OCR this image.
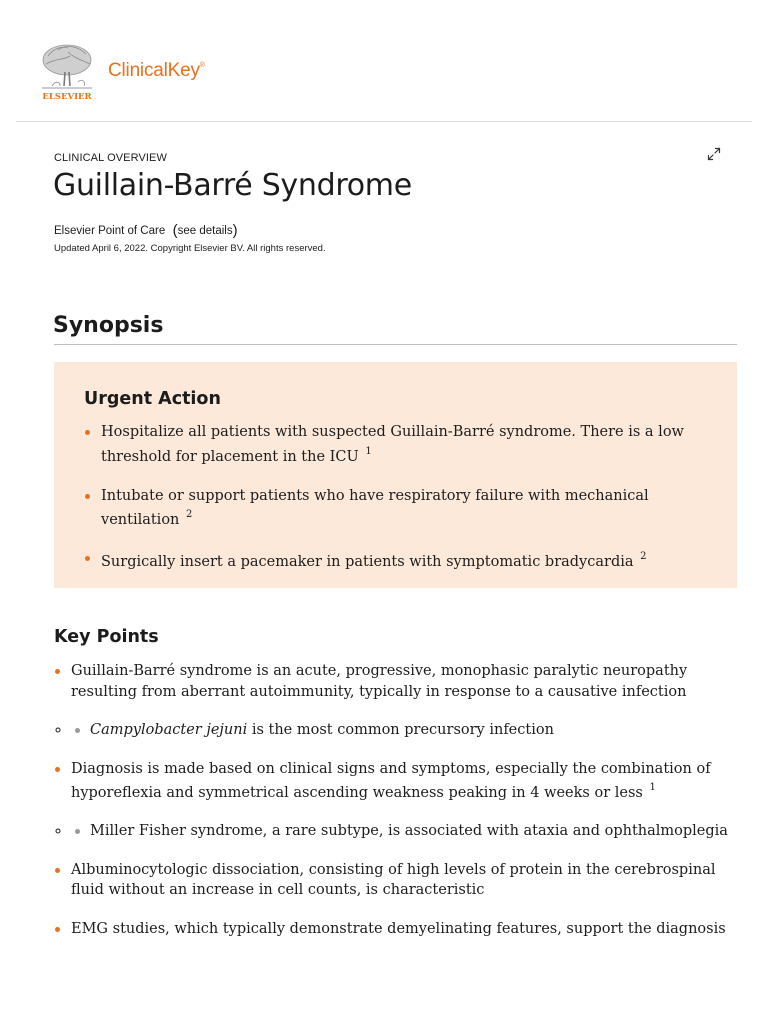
ELSEVIER
ClinicalKey®
CLINICAL OVERVIEW
Guillain-Barré Syndrome
Elsevier Point of Care  (see details)
Updated April 6, 2022. Copyright Elsevier BV. All rights reserved.
Synopsis
Urgent Action
Hospitalize all patients with suspected Guillain-Barré syndrome. There is a low threshold for placement in the ICU $^1$
Intubate or support patients who have respiratory failure with mechanical ventilation $^2$
Surgically insert a pacemaker in patients with symptomatic bradycardia $^2$
Key Points
Guillain-Barré syndrome is an acute, progressive, monophasic paralytic neuropathy resulting from aberrant autoimmunity, typically in response to a causative infection
◦ Campylobacter jejuni is the most common precursory infection
Diagnosis is made based on clinical signs and symptoms, especially the combination of hyporeflexia and symmetrical ascending weakness peaking in 4 weeks or less $^1$
◦ Miller Fisher syndrome, a rare subtype, is associated with ataxia and ophthalmoplegia
Albuminocytologic dissociation, consisting of high levels of protein in the cerebrospinal fluid without an increase in cell counts, is characteristic
EMG studies, which typically demonstrate demyelinating features, support the diagnosis
